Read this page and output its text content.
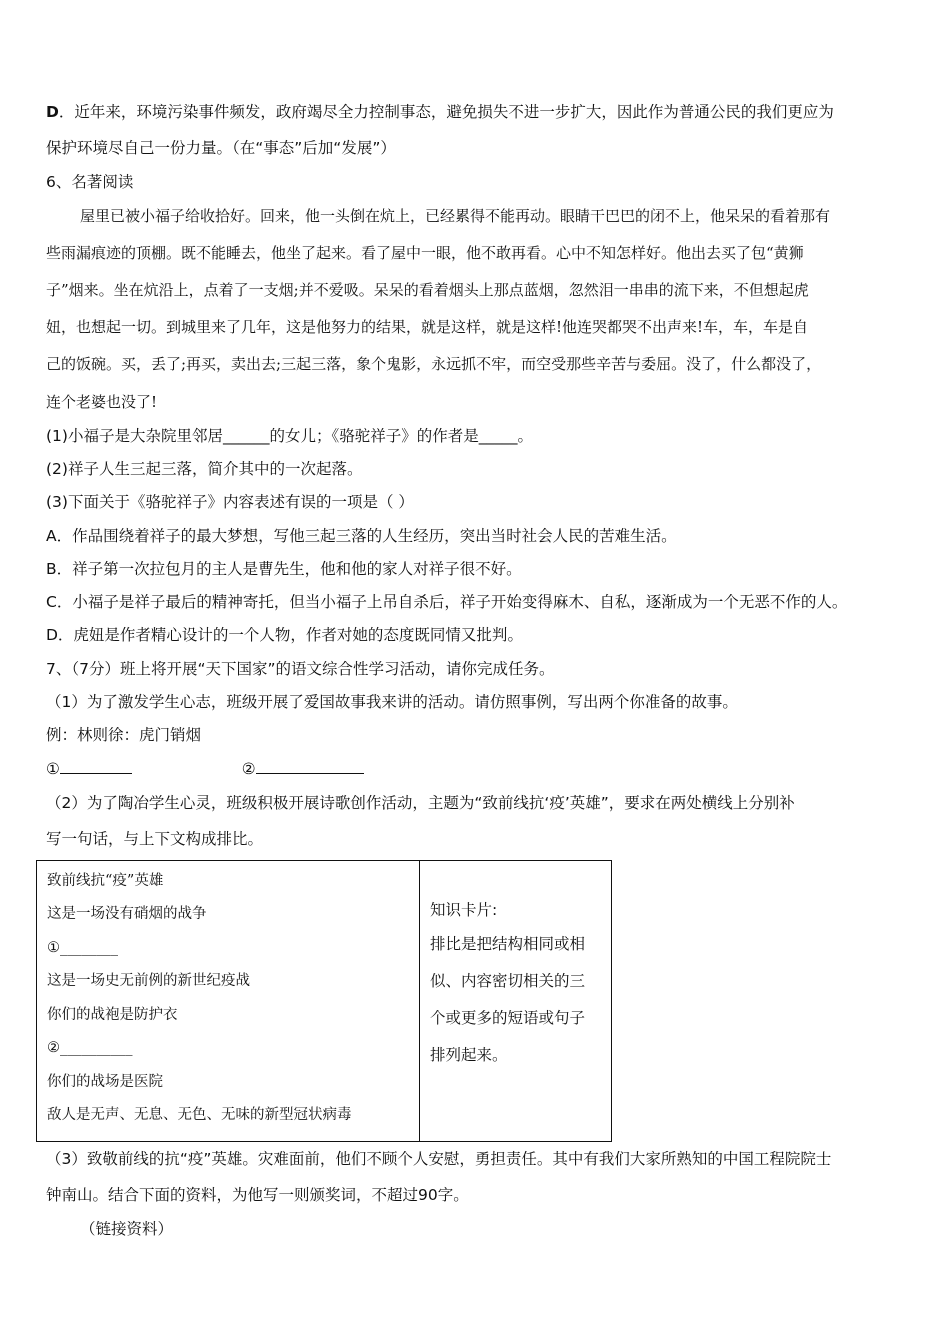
D．近年来，环境污染事件频发，政府竭尽全力控制事态，避免损失不进一步扩大，因此作为普通公民的我们更应为
保护环境尽自己一份力量。（在“事态”后加“发展”）
6、名著阅读
屋里已被小福子给收拾好。回来，他一头倒在炕上，已经累得不能再动。眼睛干巴巴的闭不上，他呆呆的看着那有
些雨漏痕迹的顶棚。既不能睡去，他坐了起来。看了屋中一眼，他不敢再看。心中不知怎样好。他出去买了包“黄狮
子”烟来。坐在炕沿上，点着了一支烟;并不爱吸。呆呆的看着烟头上那点蓝烟，忽然泪一串串的流下来，不但想起虎
妞，也想起一切。到城里来了几年，这是他努力的结果，就是这样，就是这样!他连哭都哭不出声来!车，车，车是自
己的饭碗。买，丢了;再买，卖出去;三起三落，象个鬼影，永远抓不牢，而空受那些辛苦与委屈。没了，什么都没了，
连个老婆也没了!
(1)小福子是大杂院里邻居______的女儿；《骆驼祥子》的作者是_____。
(2)祥子人生三起三落，简介其中的一次起落。
(3)下面关于《骆驼祥子》内容表述有误的一项是（ ）
A．作品围绕着祥子的最大梦想，写他三起三落的人生经历，突出当时社会人民的苦难生活。
B．祥子第一次拉包月的主人是曹先生，他和他的家人对祥子很不好。
C．小福子是祥子最后的精神寄托，但当小福子上吊自杀后，祥子开始变得麻木、自私，逐渐成为一个无恶不作的人。
D．虎妞是作者精心设计的一个人物，作者对她的态度既同情又批判。
7、（7分）班上将开展“天下国家”的语文综合性学习活动，请你完成任务。
（1）为了激发学生心志，班级开展了爱国故事我来讲的活动。请仿照事例，写出两个你准备的故事。
例：林则徐：虎门销烟
①	②
（2）为了陶冶学生心灵，班级积极开展诗歌创作活动，主题为“致前线抗‘疫’英雄”，要求在两处横线上分别补
写一句话，与上下文构成排比。
致前线抗“疫”英雄
这是一场没有硝烟的战争
①________
这是一场史无前例的新世纪疫战
你们的战袍是防护衣
②__________
你们的战场是医院
敌人是无声、无息、无色、无味的新型冠状病毒
知识卡片:
排比是把结构相同或相
似、内容密切相关的三
个或更多的短语或句子
排列起来。
（3）致敬前线的抗“疫”英雄。灾难面前，他们不顾个人安慰，勇担责任。其中有我们大家所熟知的中国工程院院士
钟南山。结合下面的资料，为他写一则颁奖词，不超过90字。
（链接资料）
